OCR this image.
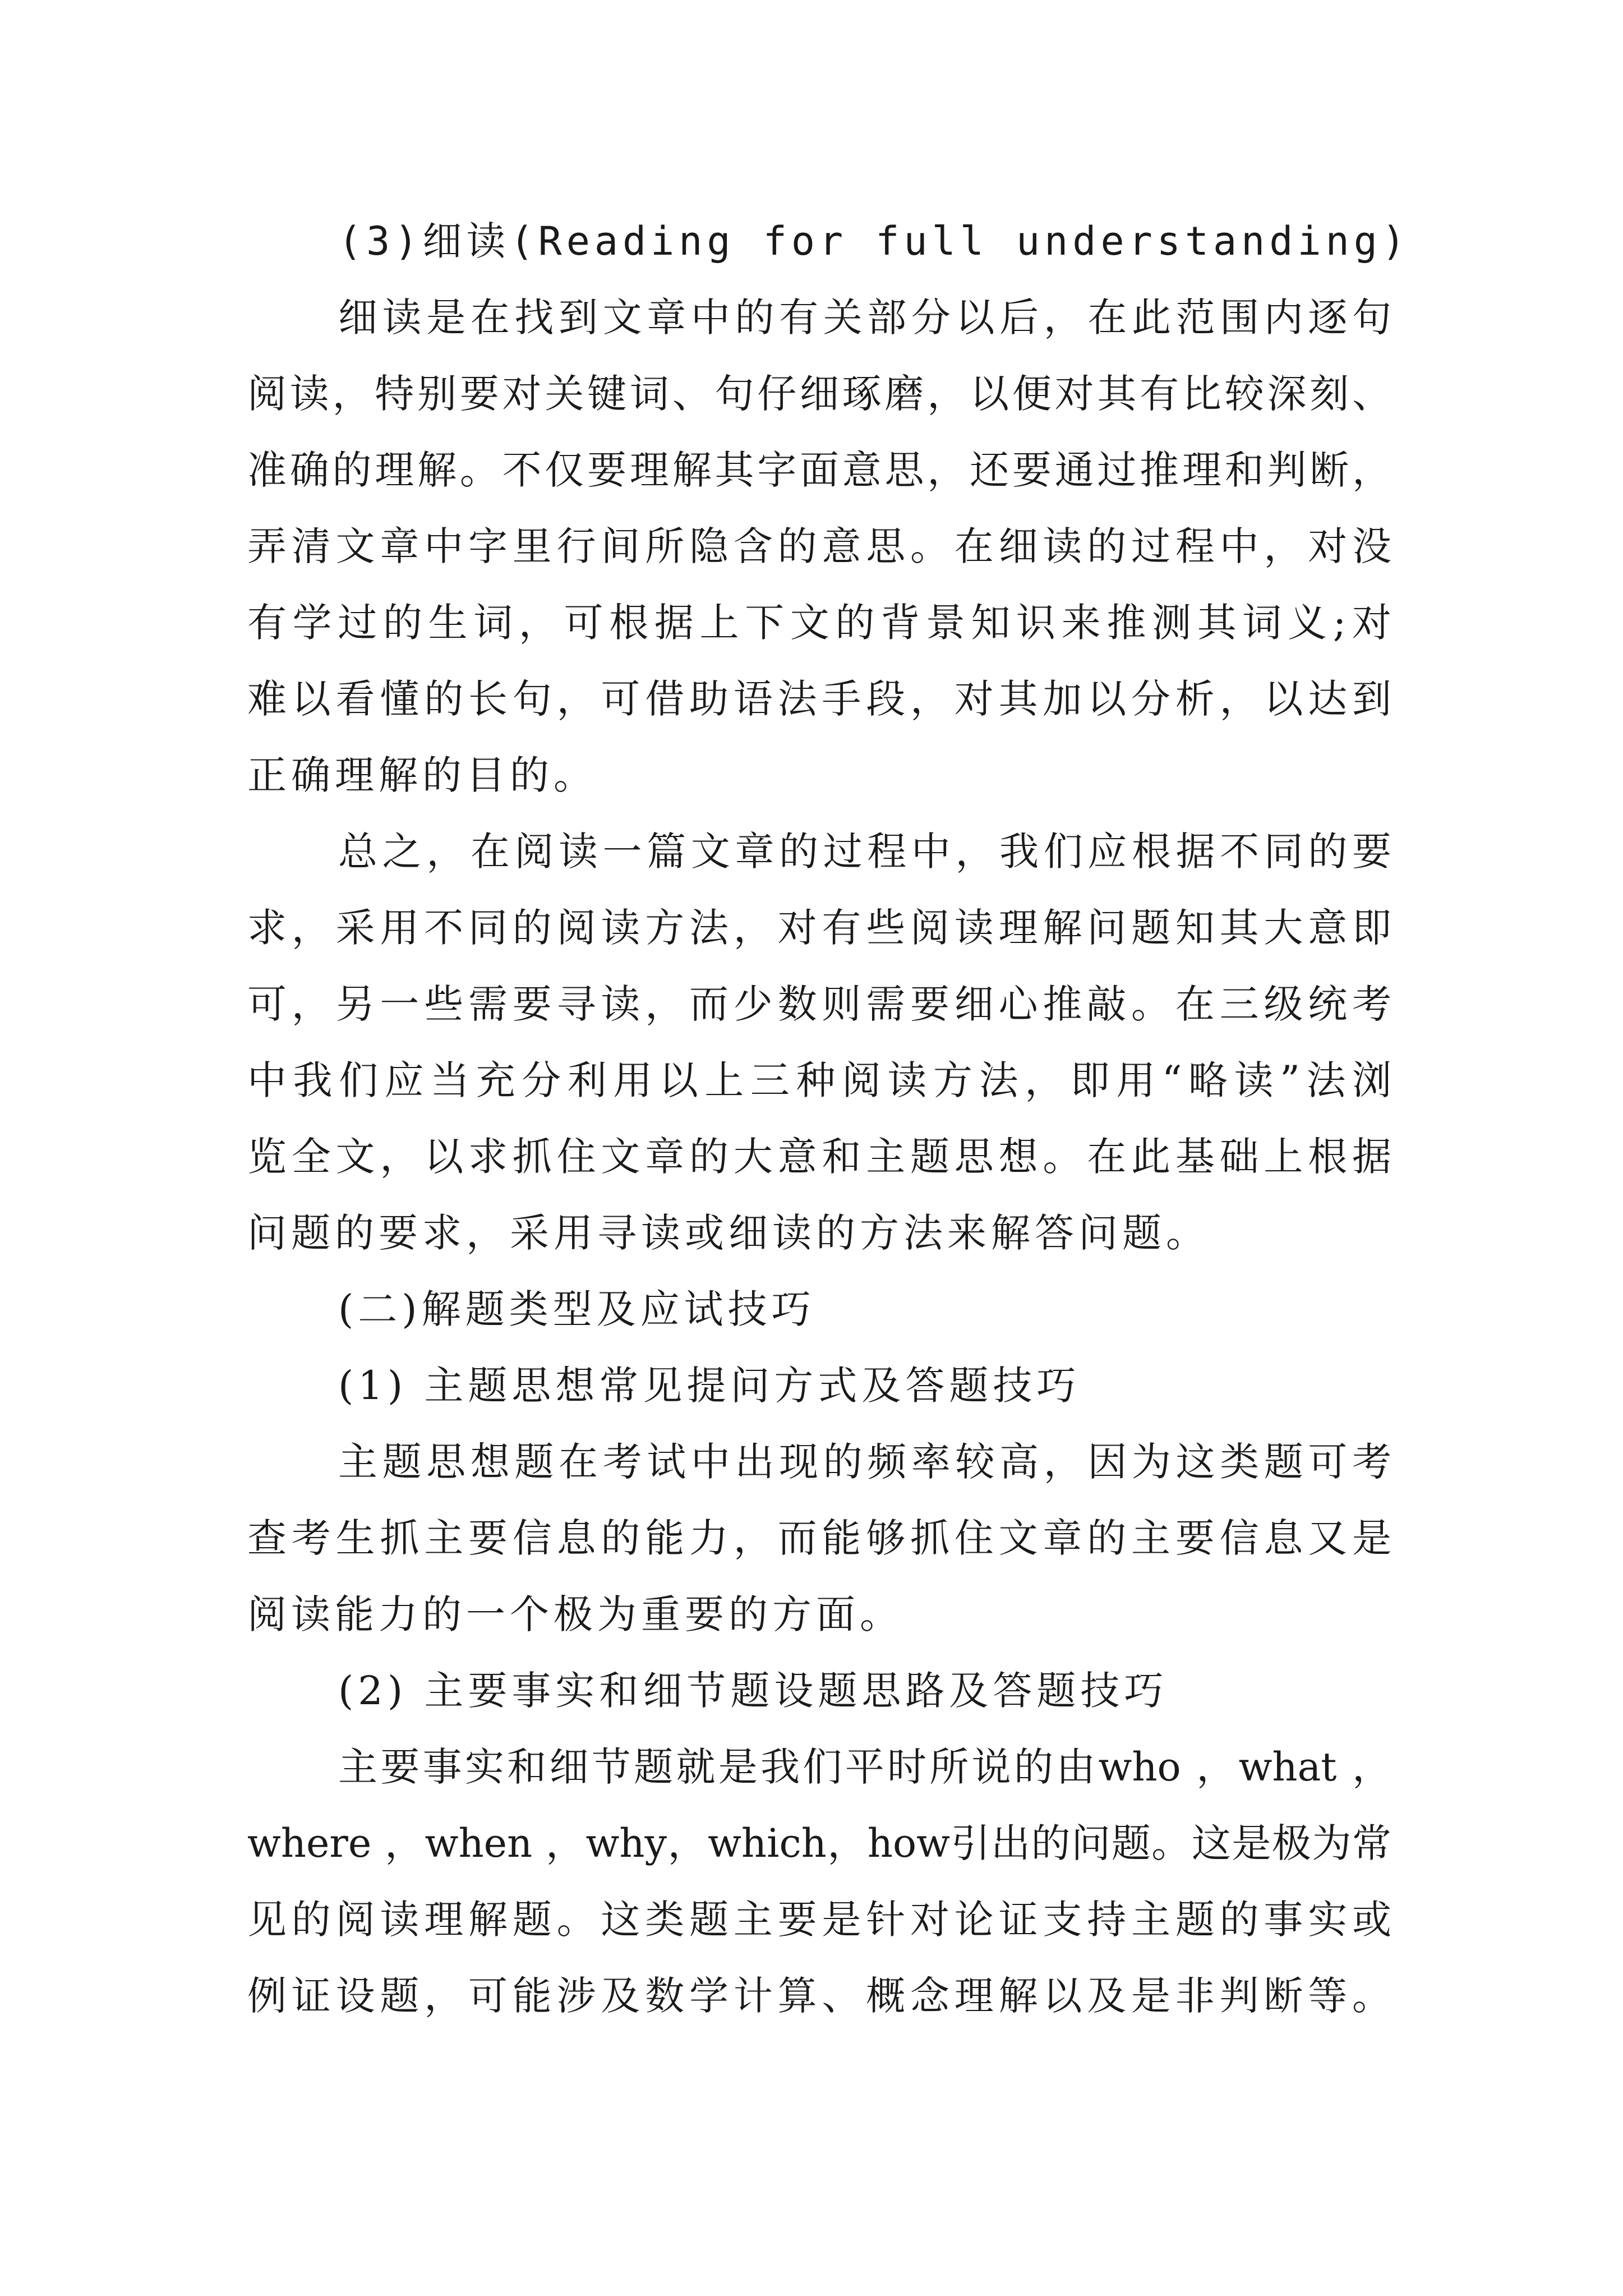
(3)细读(Reading for full understanding)
细读是在找到文章中的有关部分以后，在此范围内逐句
阅读，特别要对关键词、句仔细琢磨，以便对其有比较深刻、
准确的理解。不仅要理解其字面意思，还要通过推理和判断，
弄清文章中字里行间所隐含的意思。在细读的过程中，对没
有学过的生词，可根据上下文的背景知识来推测其词义;对
难以看懂的长句，可借助语法手段，对其加以分析，以达到
正确理解的目的。
总之，在阅读一篇文章的过程中，我们应根据不同的要
求，采用不同的阅读方法，对有些阅读理解问题知其大意即
可，另一些需要寻读，而少数则需要细心推敲。在三级统考
中我们应当充分利用以上三种阅读方法，即用“略读”法浏
览全文，以求抓住文章的大意和主题思想。在此基础上根据
问题的要求，采用寻读或细读的方法来解答问题。
(二)解题类型及应试技巧
(1) 主题思想常见提问方式及答题技巧
主题思想题在考试中出现的频率较高，因为这类题可考
查考生抓主要信息的能力，而能够抓住文章的主要信息又是
阅读能力的一个极为重要的方面。
(2) 主要事实和细节题设题思路及答题技巧
主要事实和细节题就是我们平时所说的由who ，what ，
where ，when ，why，which，how引出的问题。这是极为常
见的阅读理解题。这类题主要是针对论证支持主题的事实或
例证设题，可能涉及数学计算、概念理解以及是非判断等。
